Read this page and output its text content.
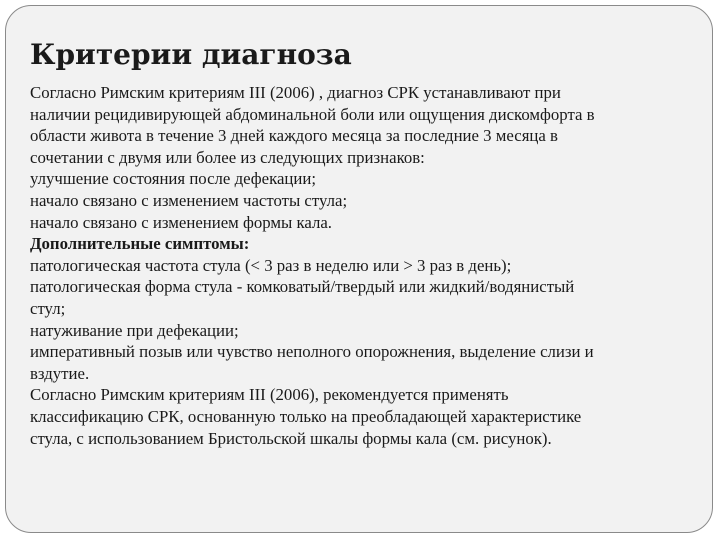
Критерии диагноза
Согласно Римским критериям III (2006) , диагноз СРК устанавливают при
наличии рецидивирующей абдоминальной боли или ощущения дискомфорта в
области живота в течение 3 дней каждого месяца за последние 3 месяца в
сочетании с двумя или более из следующих признаков:
улучшение состояния после дефекации;
начало связано с изменением частоты стула;
начало связано с изменением формы кала.
Дополнительные симптомы:
патологическая частота стула (< 3 раз в неделю или > 3 раз в день);
патологическая форма стула - комковатый/твердый или жидкий/водянистый
стул;
натуживание при дефекации;
императивный позыв или чувство неполного опорожнения, выделение слизи и
вздутие.
Согласно Римским критериям III (2006), рекомендуется применять
классификацию СРК, основанную только на преобладающей характеристике
стула, с использованием Бристольской шкалы формы кала (см. рисунок).
